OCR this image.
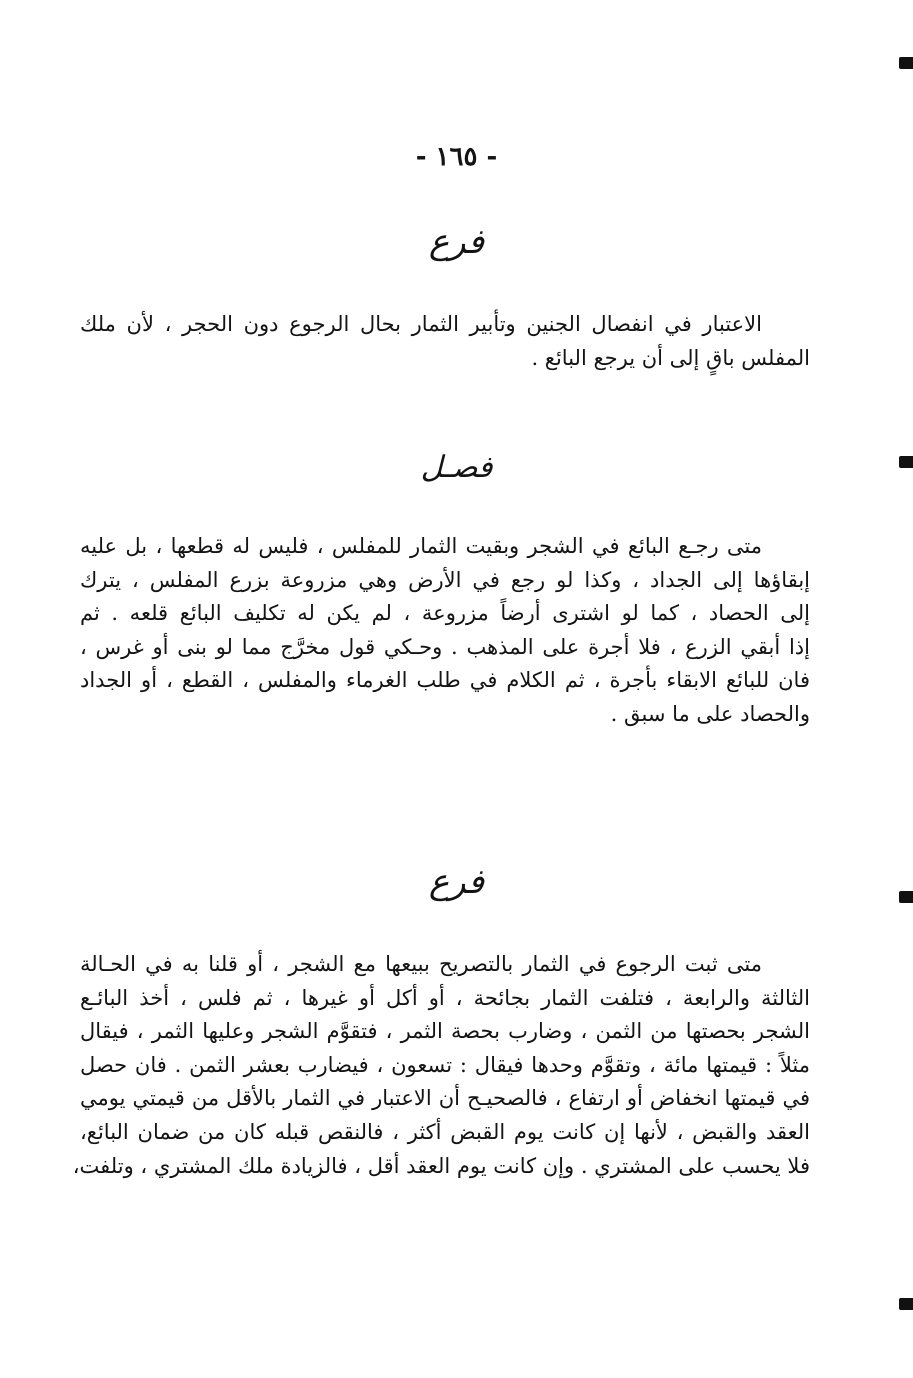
- ١٦٥ -
فرع
الاعتبار في انفصال الجنين وتأبير الثمار بحال الرجوع دون الحجر ، لأن ملك
المفلس باقٍ إلى أن يرجع البائع .
فصـل
متى رجـع البائع في الشجر وبقيت الثمار للمفلس ، فليس له قطعها ، بل عليه
إبقاؤها إلى الجداد ، وكذا لو رجع في الأرض وهي مزروعة بزرع المفلس ، يترك
إلى الحصاد ، كما لو اشترى أرضاً مزروعة ، لم يكن له تكليف البائع قلعه . ثم
إذا أبقي الزرع ، فلا أجرة على المذهب . وحـكي قول مخرَّج مما لو بنى أو غرس ،
فان للبائع الابقاء بأجرة ، ثم الكلام في طلب الغرماء والمفلس ، القطع ، أو الجداد
والحصاد على ما سبق .
فرع
متى ثبت الرجوع في الثمار بالتصريح ببيعها مع الشجر ، أو قلنا به في الحـالة
الثالثة والرابعة ، فتلفت الثمار بجائحة ، أو أكل أو غيرها ، ثم فلس ، أخذ البائـع
الشجر بحصتها من الثمن ، وضارب بحصة الثمر ، فتقوَّم الشجر وعليها الثمر ، فيقال
مثلاً : قيمتها مائة ، وتقوَّم وحدها فيقال : تسعون ، فيضارب بعشر الثمن . فان حصل
في قيمتها انخفاض أو ارتفاع ، فالصحيـح أن الاعتبار في الثمار بالأقل من قيمتي يومي
العقد والقبض ، لأنها إن كانت يوم القبض أكثر ، فالنقص قبله كان من ضمان البائع،
فلا يحسب على المشتري . وإن كانت يوم العقد أقل ، فالزيادة ملك المشتري ، وتلفت،
